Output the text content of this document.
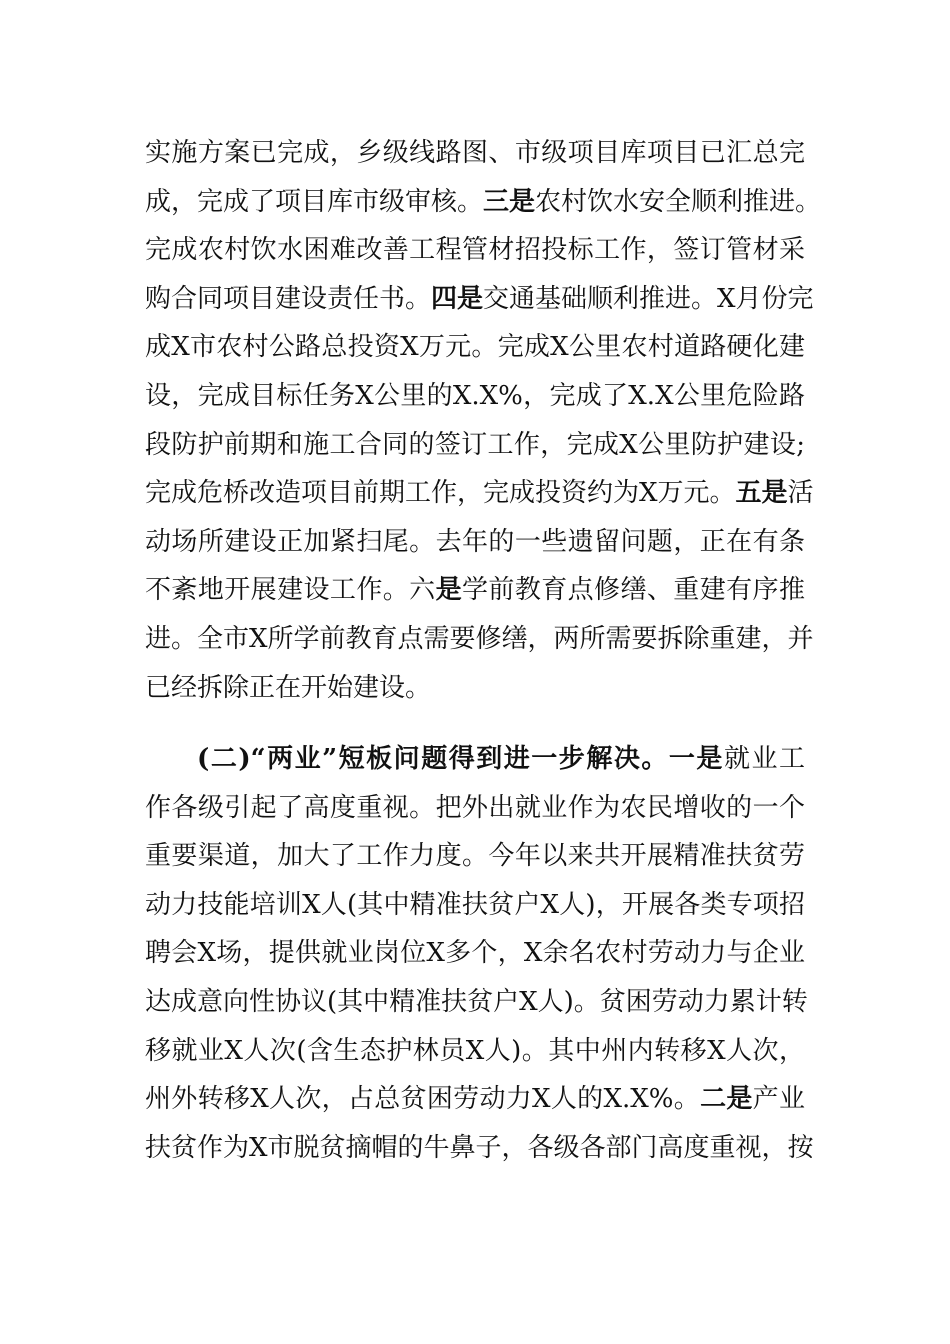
实施方案已完成，乡级线路图、市级项目库项目已汇总完
成，完成了项目库市级审核。三是农村饮水安全顺利推进。
完成农村饮水困难改善工程管材招投标工作，签订管材采
购合同项目建设责任书。四是交通基础顺利推进。X月份完
成X市农村公路总投资X万元。完成X公里农村道路硬化建
设，完成目标任务X公里的X.X%，完成了X.X公里危险路
段防护前期和施工合同的签订工作，完成X公里防护建设;
完成危桥改造项目前期工作，完成投资约为X万元。五是活
动场所建设正加紧扫尾。去年的一些遗留问题，正在有条
不紊地开展建设工作。六是学前教育点修缮、重建有序推
进。全市X所学前教育点需要修缮，两所需要拆除重建，并
已经拆除正在开始建设。
(二)“两业”短板问题得到进一步解决。一是就业工
作各级引起了高度重视。把外出就业作为农民增收的一个
重要渠道，加大了工作力度。今年以来共开展精准扶贫劳
动力技能培训X人(其中精准扶贫户X人)，开展各类专项招
聘会X场，提供就业岗位X多个，X余名农村劳动力与企业
达成意向性协议(其中精准扶贫户X人)。贫困劳动力累计转
移就业X人次(含生态护林员X人)。其中州内转移X人次，
州外转移X人次，占总贫困劳动力X人的X.X%。二是产业
扶贫作为X市脱贫摘帽的牛鼻子，各级各部门高度重视，按
